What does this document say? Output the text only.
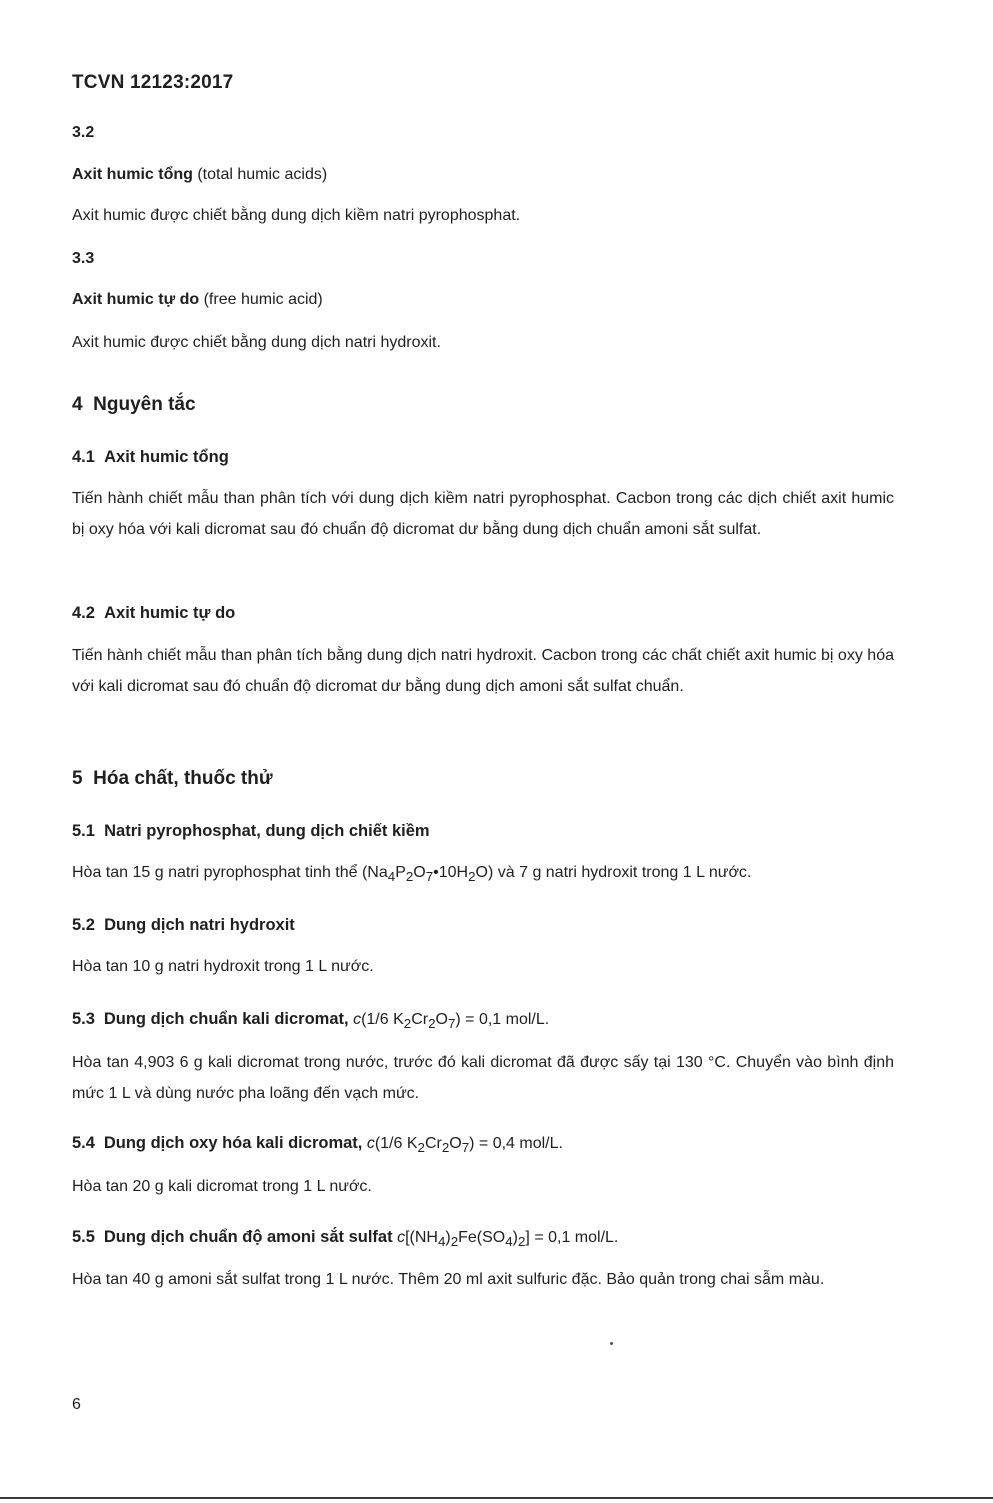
TCVN 12123:2017
3.2
Axit humic tổng (total humic acids)
Axit humic được chiết bằng dung dịch kiềm natri pyrophosphat.
3.3
Axit humic tự do (free humic acid)
Axit humic được chiết bằng dung dịch natri hydroxit.
4 Nguyên tắc
4.1 Axit humic tổng

Tiến hành chiết mẫu than phân tích với dung dịch kiềm natri pyrophosphat. Cacbon trong các dịch chiết axit humic bị oxy hóa với kali dicromat sau đó chuẩn độ dicromat dư bằng dung dịch chuẩn amoni sắt sulfat.

4.2 Axit humic tự do

Tiến hành chiết mẫu than phân tích bằng dung dịch natri hydroxit. Cacbon trong các chất chiết axit humic bị oxy hóa với kali dicromat sau đó chuẩn độ dicromat dư bằng dung dịch amoni sắt sulfat chuẩn.

5 Hóa chất, thuốc thử
5.1 Natri pyrophosphat, dung dịch chiết kiềm
Hòa tan 15 g natri pyrophosphat tinh thể $(Na_4P_2O_7•10H_2O)$ và 7 g natri hydroxit trong 1 L nước.
5.2 Dung dịch natri hydroxit
Hòa tan 10 g natri hydroxit trong 1 L nước.
5.3 Dung dịch chuẩn kali dicromat, c(1/6 $K_2Cr_2O_7) = 0,1$ mol/L.

Hòa tan 4,903 6 g kali dicromat trong nước, trước đó kali dicromat đã được sấy tại 130 °C. Chuyển vào bình định mức 1 L và dùng nước pha loãng đến vạch mức.

5.4 Dung dịch oxy hóa kali dicromat, c(1/6 $K_2Cr_2O_7) = 0,4$ mol/L.
Hòa tan 20 g kali dicromat trong 1 L nước.
5.5 Dung dịch chuẩn độ amoni sắt sulfat $c[(NH_4)_2Fe(SO_4)_2] = 0,1$ mol/L.

Hòa tan 40 g amoni sắt sulfat trong 1 L nước. Thêm 20 ml axit sulfuric đặc. Bảo quản trong chai sẫm màu.

6
